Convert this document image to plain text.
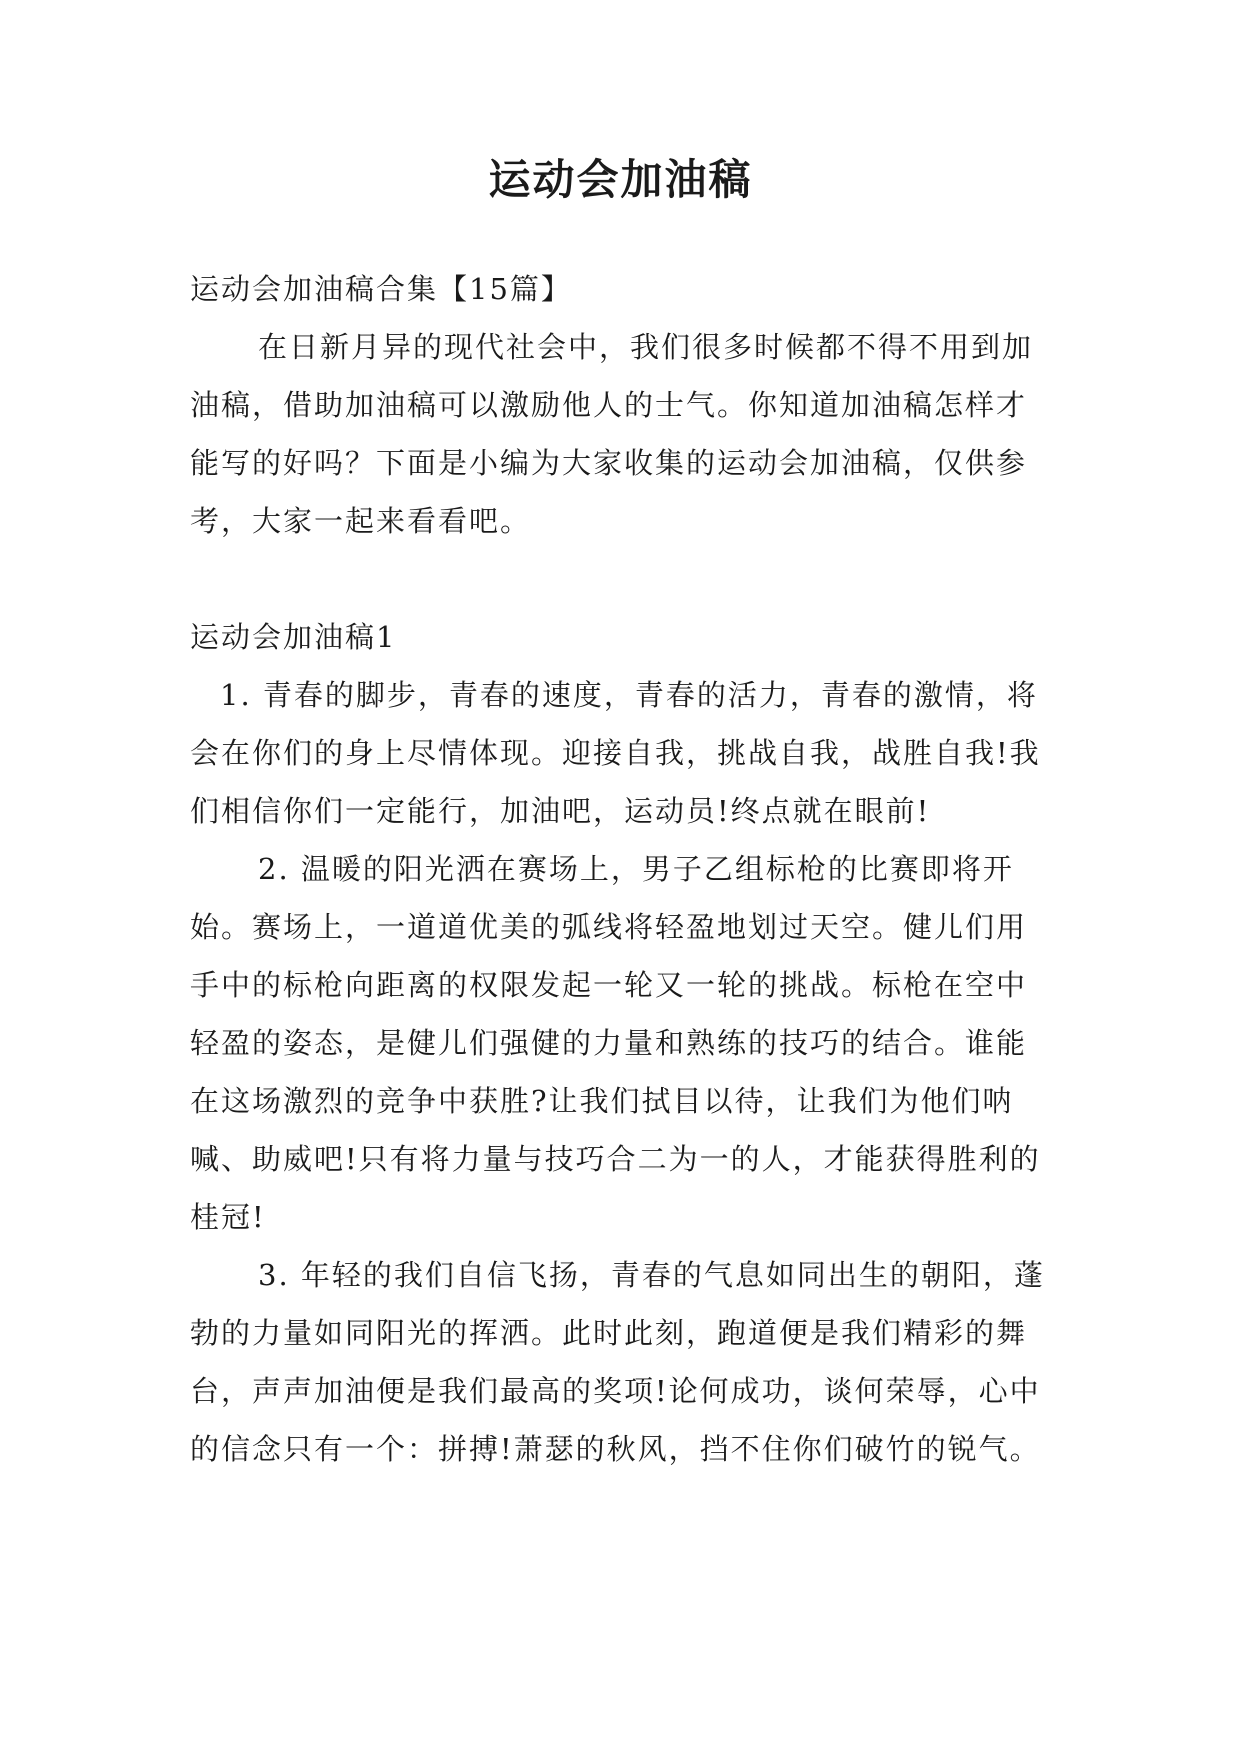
运动会加油稿

运动会加油稿合集【15篇】

在日新月异的现代社会中，我们很多时候都不得不用到加油稿，借助加油稿可以激励他人的士气。你知道加油稿怎样才能写的好吗？下面是小编为大家收集的运动会加油稿，仅供参考，大家一起来看看吧。

运动会加油稿1

1. 青春的脚步，青春的速度，青春的活力，青春的激情，将会在你们的身上尽情体现。迎接自我，挑战自我，战胜自我!我们相信你们一定能行，加油吧，运动员!终点就在眼前!

2. 温暖的阳光洒在赛场上，男子乙组标枪的比赛即将开始。赛场上，一道道优美的弧线将轻盈地划过天空。健儿们用手中的标枪向距离的权限发起一轮又一轮的挑战。标枪在空中轻盈的姿态，是健儿们强健的力量和熟练的技巧的结合。谁能在这场激烈的竞争中获胜?让我们拭目以待，让我们为他们呐喊、助威吧!只有将力量与技巧合二为一的人，才能获得胜利的桂冠!

3. 年轻的我们自信飞扬，青春的气息如同出生的朝阳，蓬勃的力量如同阳光的挥洒。此时此刻，跑道便是我们精彩的舞台，声声加油便是我们最高的奖项!论何成功，谈何荣辱，心中的信念只有一个：拼搏!萧瑟的秋风，挡不住你们破竹的锐气。
